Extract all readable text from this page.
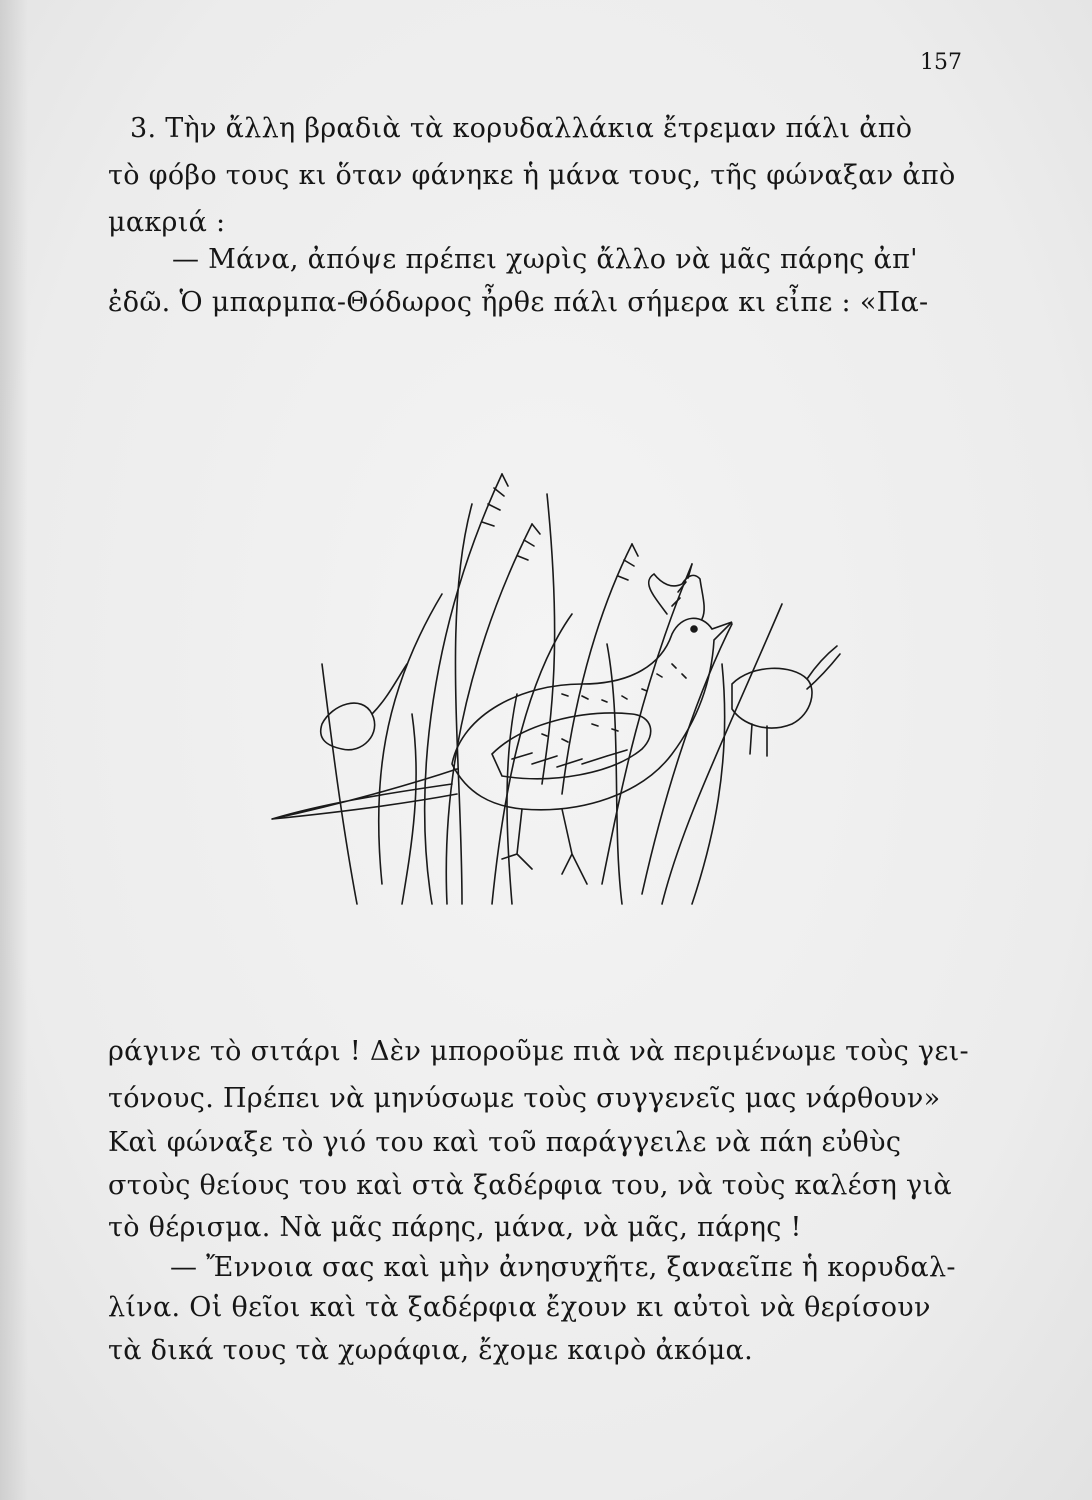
157
3. Τὴν ἄλλη βραδιὰ τὰ κορυδαλλάκια ἔτρεμαν πάλι ἀπὸ
τὸ φόβο τους κι ὅταν φάνηκε ἡ μάνα τους, τῆς φώναξαν ἀπὸ
μακριά :
— Μάνα, ἀπόψε πρέπει χωρὶς ἄλλο νὰ μᾶς πάρης ἀπ'
ἐδῶ. Ὁ μπαρμπα-Θόδωρος ἦρθε πάλι σήμερα κι εἶπε : «Πα-
ράγινε τὸ σιτάρι ! Δὲν μποροῦμε πιὰ νὰ περιμένωμε τοὺς γει-
τόνους. Πρέπει νὰ μηνύσωμε τοὺς συγγενεῖς μας νάρθουν»
Καὶ φώναξε τὸ γιό του καὶ τοῦ παράγγειλε νὰ πάη εὐθὺς
στοὺς θείους του καὶ στὰ ξαδέρφια του, νὰ τοὺς καλέση γιὰ
τὸ θέρισμα. Νὰ μᾶς πάρης, μάνα, νὰ μᾶς, πάρης !
— Ἔννοια σας καὶ μὴν ἀνησυχῆτε, ξαναεῖπε ἡ κορυδαλ-
λίνα. Οἱ θεῖοι καὶ τὰ ξαδέρφια ἔχουν κι αὐτοὶ νὰ θερίσουν
τὰ δικά τους τὰ χωράφια, ἔχομε καιρὸ ἀκόμα.
